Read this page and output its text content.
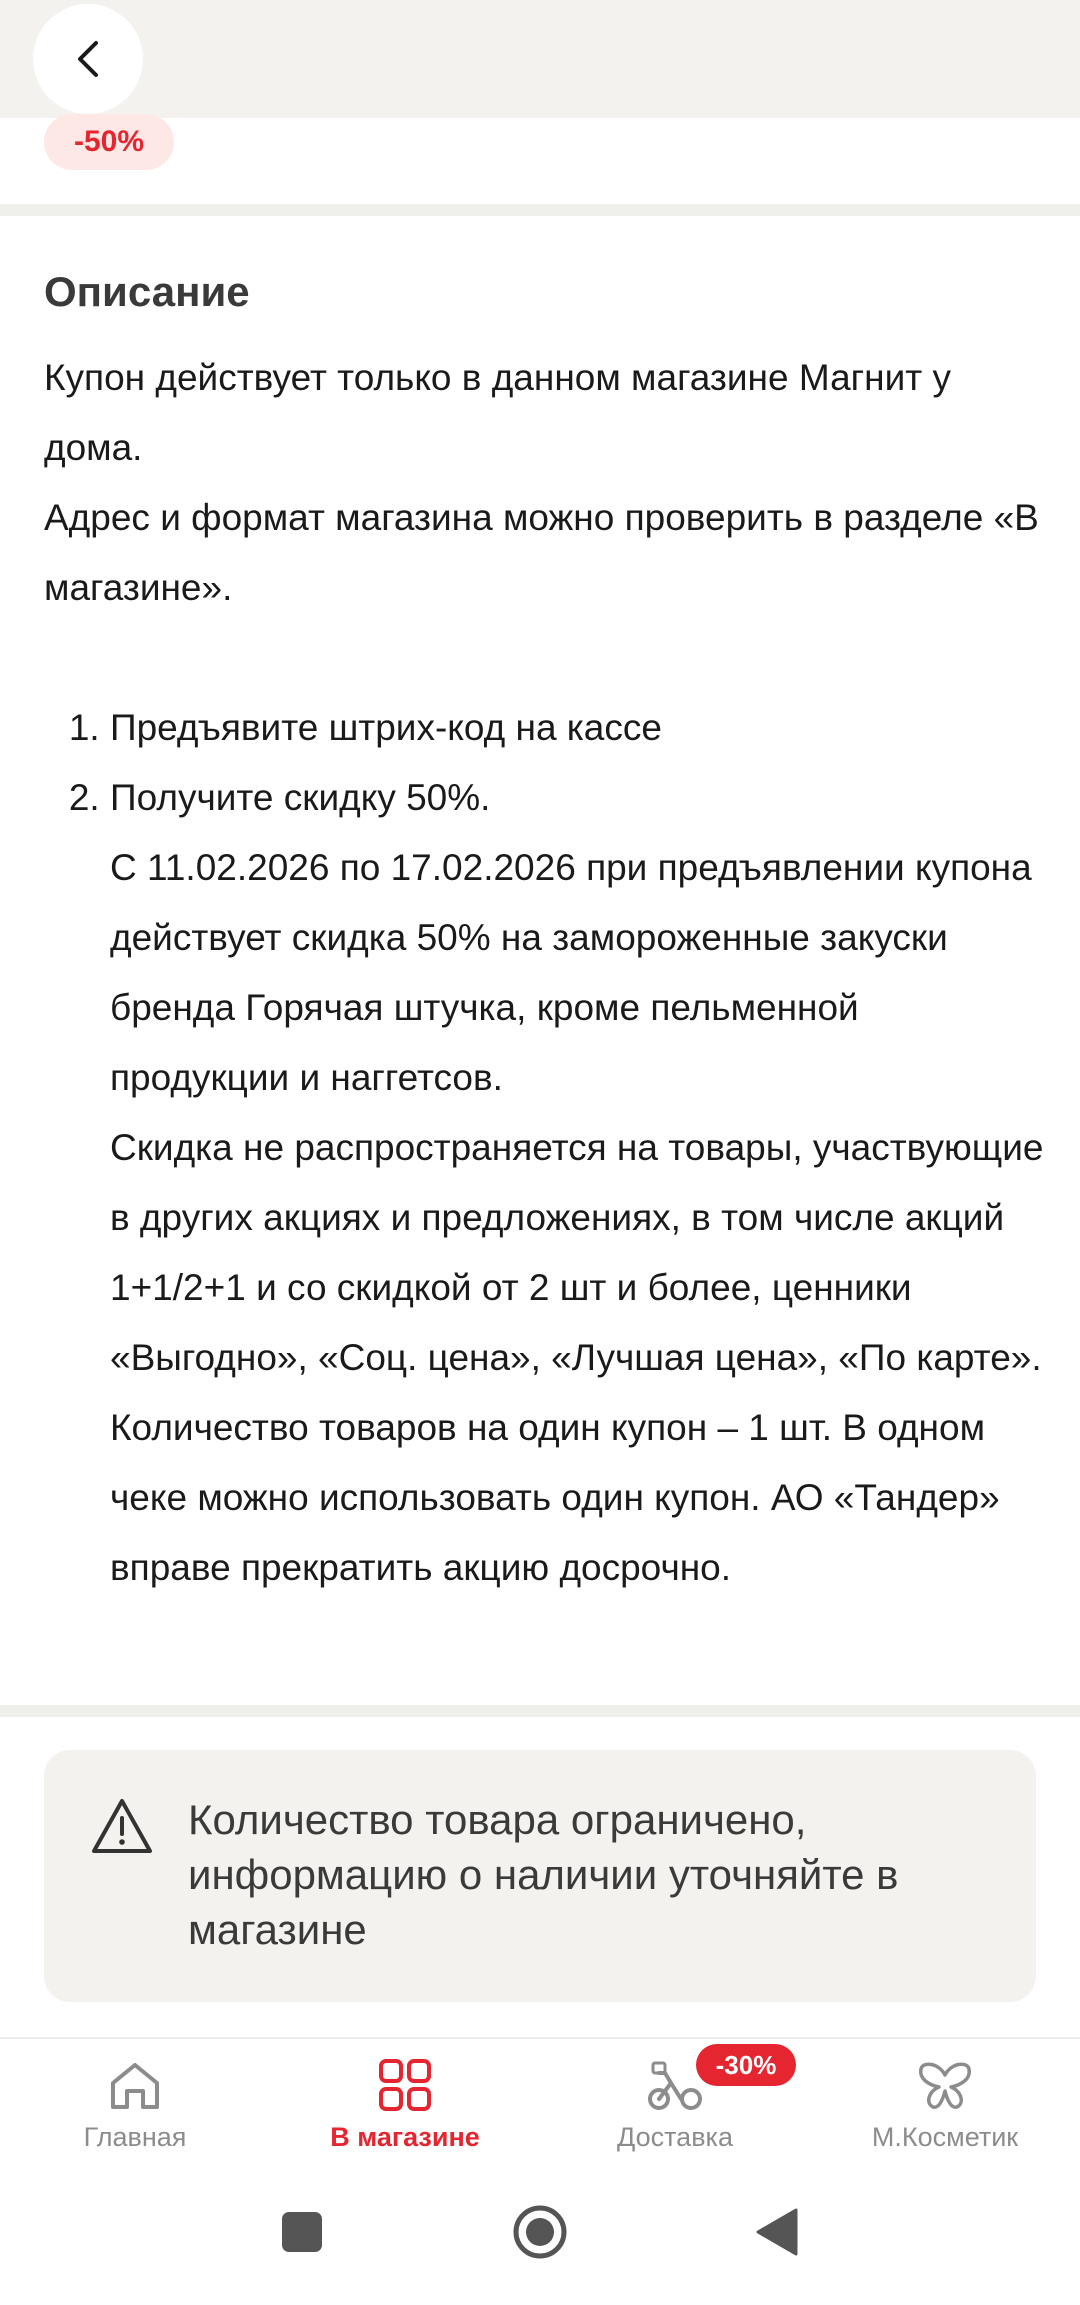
-50%
Описание

Купон действует только в данном магазине Магнит у дома.

Адрес и формат магазина можно проверить в разделе «В магазине».

1. Предъявите штрих-код на кассе
2. Получите скидку 50%.
С 11.02.2026 по 17.02.2026 при предъявлении купона действует скидка 50% на замороженные закуски бренда Горячая штучка, кроме пельменной продукции и наггетсов.
Скидка не распространяется на товары, участвующие в других акциях и предложениях, в том числе акций 1+1/2+1 и со скидкой от 2 шт и более, ценники «Выгодно», «Соц. цена», «Лучшая цена», «По карте». Количество товаров на один купон – 1 шт. В одном чеке можно использовать один купон. АО «Тандер» вправе прекратить акцию досрочно.
Количество товара ограничено, информацию о наличии уточняйте в магазине
Главная	В магазине	Доставка	М.Косметик
-30%
